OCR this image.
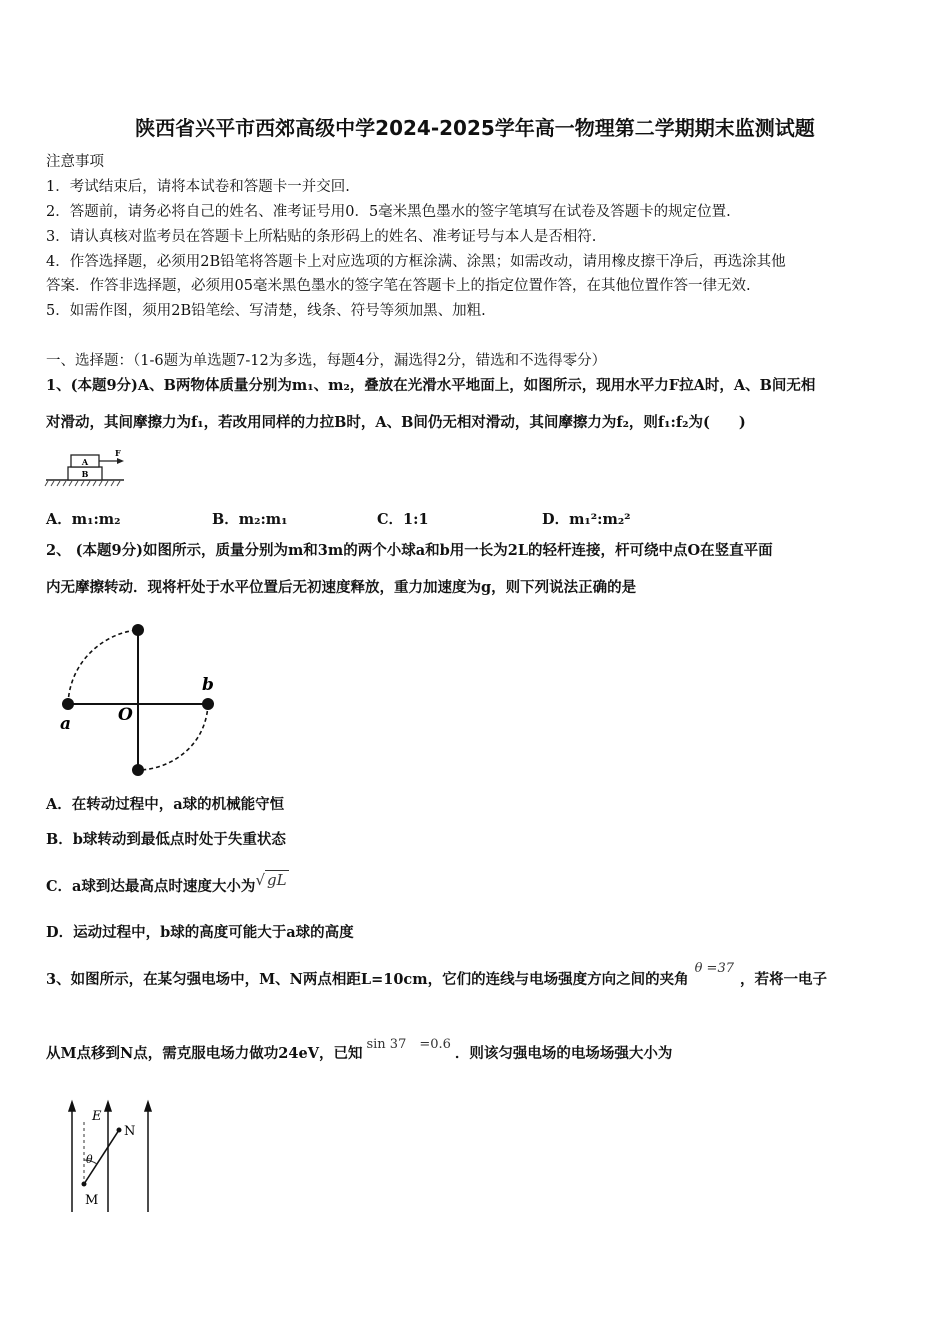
陕西省兴平市西郊高级中学2024-2025学年高一物理第二学期期末监测试题
注意事项
1．考试结束后，请将本试卷和答题卡一并交回.
2．答题前，请务必将自己的姓名、准考证号用0．5毫米黑色墨水的签字笔填写在试卷及答题卡的规定位置.
3．请认真核对监考员在答题卡上所粘贴的条形码上的姓名、准考证号与本人是否相符.
4．作答选择题，必须用2B铅笔将答题卡上对应选项的方框涂满、涂黑；如需改动，请用橡皮擦干净后，再选涂其他
答案．作答非选择题，必须用05毫米黑色墨水的签字笔在答题卡上的指定位置作答，在其他位置作答一律无效.
5．如需作图，须用2B铅笔绘、写清楚，线条、符号等须加黑、加粗.
一、选择题：（1-6题为单选题7-12为多选，每题4分，漏选得2分，错选和不选得零分）
1、(本题9分)A、B两物体质量分别为m₁、m₂，叠放在光滑水平地面上，如图所示，现用水平力F拉A时，A、B间无相
对滑动，其间摩擦力为f₁，若改用同样的力拉B时，A、B间仍无相对滑动，其间摩擦力为f₂，则f₁:f₂为(　　)
A
B
F
A．m₁:m₂	B．m₂:m₁	C．1:1	D．m₁²:m₂²
2、 (本题9分)如图所示，质量分别为m和3m的两个小球a和b用一长为2L的轻杆连接，杆可绕中点O在竖直平面
内无摩擦转动．现将杆处于水平位置后无初速度释放，重力加速度为g，则下列说法正确的是
a
b
O
A．在转动过程中，a球的机械能守恒
B．b球转动到最低点时处于失重状态
C．a球到达最高点时速度大小为√ gL
D．运动过程中，b球的高度可能大于a球的高度
3、如图所示，在某匀强电场中，M、N两点相距L=10cm，它们的连线与电场强度方向之间的夹角θ =37，若将一电子
从M点移到N点，需克服电场力做功24eV，已知sin 37　=0.6．则该匀强电场的电场场强大小为
E
N
M
θ
